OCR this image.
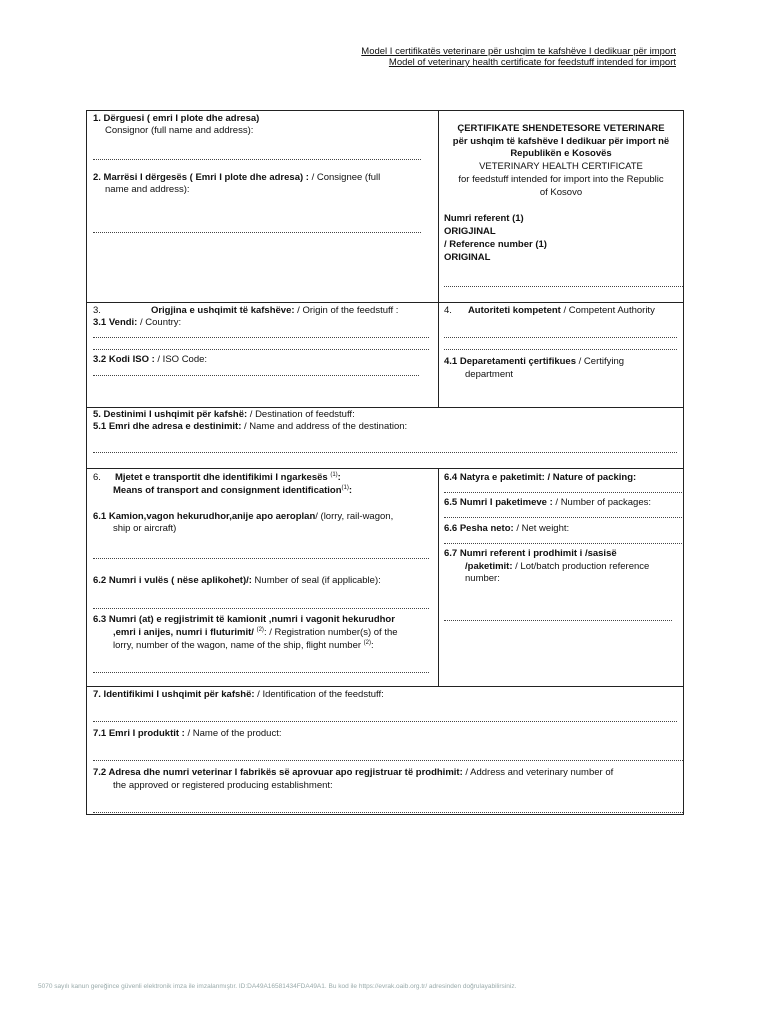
Model I certifikatës veterinare për ushqim te kafshëve I dedikuar për import
Model of veterinary health certificate for feedstuff intended for import
1. Dërguesi ( emri I plote dhe adresa)
Consignor (full name and address):
2. Marrësi I dërgesës ( Emri I plote dhe adresa) : / Consignee (full
name and address):
ÇERTIFIKATE SHENDETESORE VETERINARE
për ushqim të kafshëve I dedikuar për import në
Republikën e Kosovës
VETERINARY HEALTH CERTIFICATE
for feedstuff intended for import into the Republic
of Kosovo
Numri referent (1)
ORIGJINAL
/ Reference number (1)
ORIGINAL
3.	Origjina e ushqimit të kafshëve: / Origin of the feedstuff :
3.1 Vendi: / Country:
3.2 Kodi ISO : / ISO Code:
4. Autoriteti kompetent / Competent Authority
4.1 Deparetamenti çertifikues / Certifying
department
5. Destinimi I ushqimit për kafshë: / Destination of feedstuff:
5.1 Emri dhe adresa e destinimit: / Name and address of the destination:
6. Mjetet e transportit dhe identifikimi I ngarkesës $^{(1)}$:
Means of transport and consignment identification$^{(1)}$:
6.1 Kamion,vagon hekurudhor,anije apo aeroplan/ (lorry, rail-wagon,
ship or aircraft)
6.2 Numri i vulës ( nëse aplikohet)/: Number of seal (if applicable):
6.3 Numri (at) e regjistrimit të kamionit ,numri i vagonit hekurudhor
,emri i anijes, numri i fluturimit/ $^{(2)}$: / Registration number(s) of the
lorry, number of the wagon, name of the ship, flight number $^{(2)}$:
6.4 Natyra e paketimit: / Nature of packing:
6.5 Numri I paketimeve : / Number of packages:
6.6 Pesha neto: / Net weight:
6.7 Numri referent i prodhimit i /sasisë
/paketimit: / Lot/batch production reference
number:
7. Identifikimi I ushqimit për kafshë: / Identification of the feedstuff:
7.1 Emri I produktit : / Name of the product:
7.2 Adresa dhe numri veterinar I fabrikës së aprovuar apo regjistruar të prodhimit: / Address and veterinary number of
the approved or registered producing establishment:
5070 sayılı kanun gereğince güvenli elektronik imza ile imzalanmıştır. ID:DA49A16581434FDA49A1. Bu kod ile https://evrak.oaib.org.tr/ adresinden doğrulayabilirsiniz.
